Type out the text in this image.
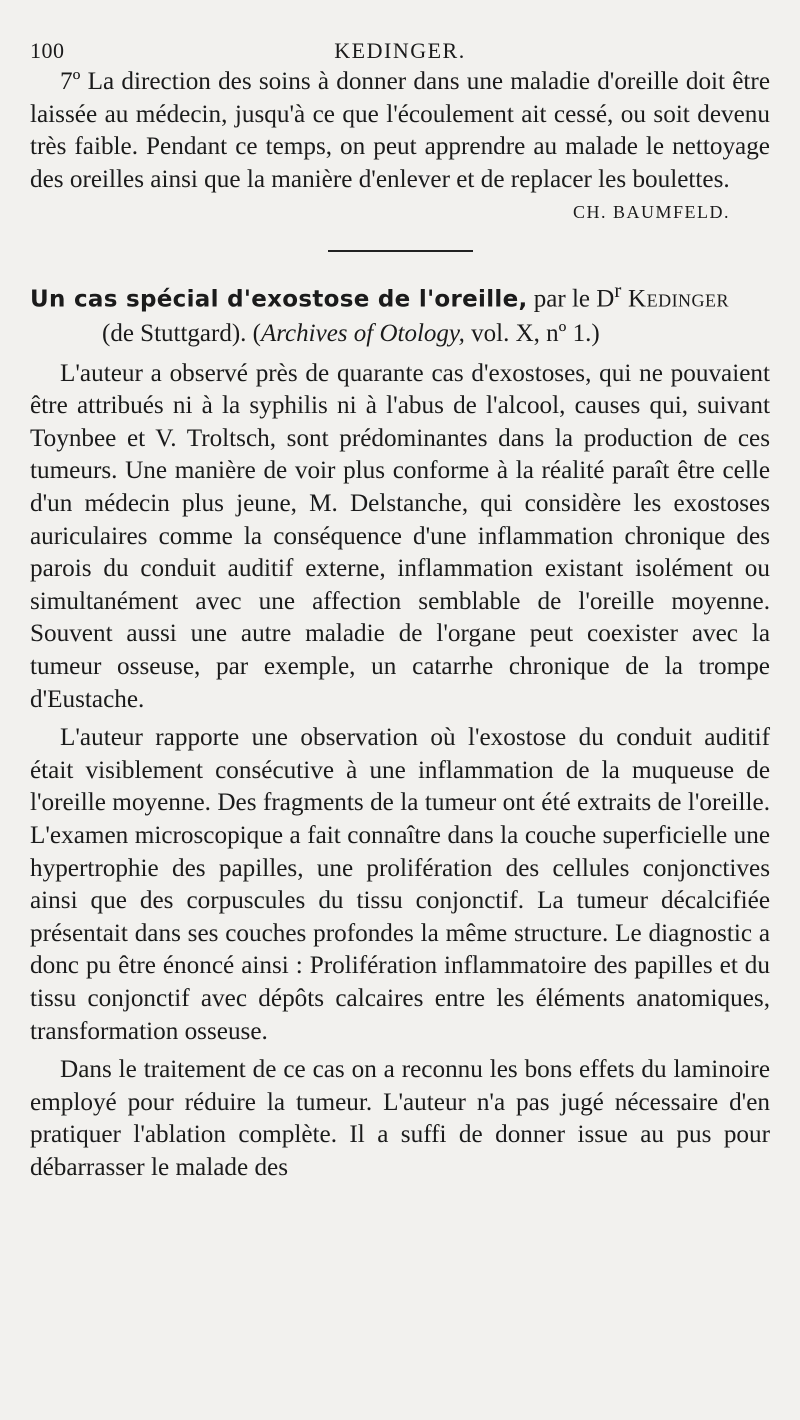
100	KEDINGER.

7º La direction des soins à donner dans une maladie d'oreille doit être laissée au médecin, jusqu'à ce que l'écoulement ait cessé, ou soit devenu très faible. Pendant ce temps, on peut apprendre au malade le nettoyage des oreilles ainsi que la manière d'enlever et de replacer les boulettes.

CH. BAUMFELD.

Un cas spécial d'exostose de l'oreille, par le $D^r$ Kedinger

(de Stuttgard). (Archives of Otology, vol. X, nº 1.)

L'auteur a observé près de quarante cas d'exostoses, qui ne pouvaient être attribués ni à la syphilis ni à l'abus de l'alcool, causes qui, suivant Toynbee et V. Troltsch, sont prédominantes dans la production de ces tumeurs. Une manière de voir plus conforme à la réalité paraît être celle d'un médecin plus jeune, M. Delstanche, qui considère les exostoses auriculaires comme la conséquence d'une inflammation chronique des parois du conduit auditif externe, inflammation existant isolément ou simultanément avec une affection semblable de l'oreille moyenne. Souvent aussi une autre maladie de l'organe peut coexister avec la tumeur osseuse, par exemple, un catarrhe chronique de la trompe d'Eustache.

L'auteur rapporte une observation où l'exostose du conduit auditif était visiblement consécutive à une inflammation de la muqueuse de l'oreille moyenne. Des fragments de la tumeur ont été extraits de l'oreille. L'examen microscopique a fait connaître dans la couche superficielle une hypertrophie des papilles, une prolifération des cellules conjonctives ainsi que des corpuscules du tissu conjonctif. La tumeur décalcifiée présentait dans ses couches profondes la même structure. Le diagnostic a donc pu être énoncé ainsi : Prolifération inflammatoire des papilles et du tissu conjonctif avec dépôts calcaires entre les éléments anatomiques, transformation osseuse.

Dans le traitement de ce cas on a reconnu les bons effets du laminoire employé pour réduire la tumeur. L'auteur n'a pas jugé nécessaire d'en pratiquer l'ablation complète. Il a suffi de donner issue au pus pour débarrasser le malade des
